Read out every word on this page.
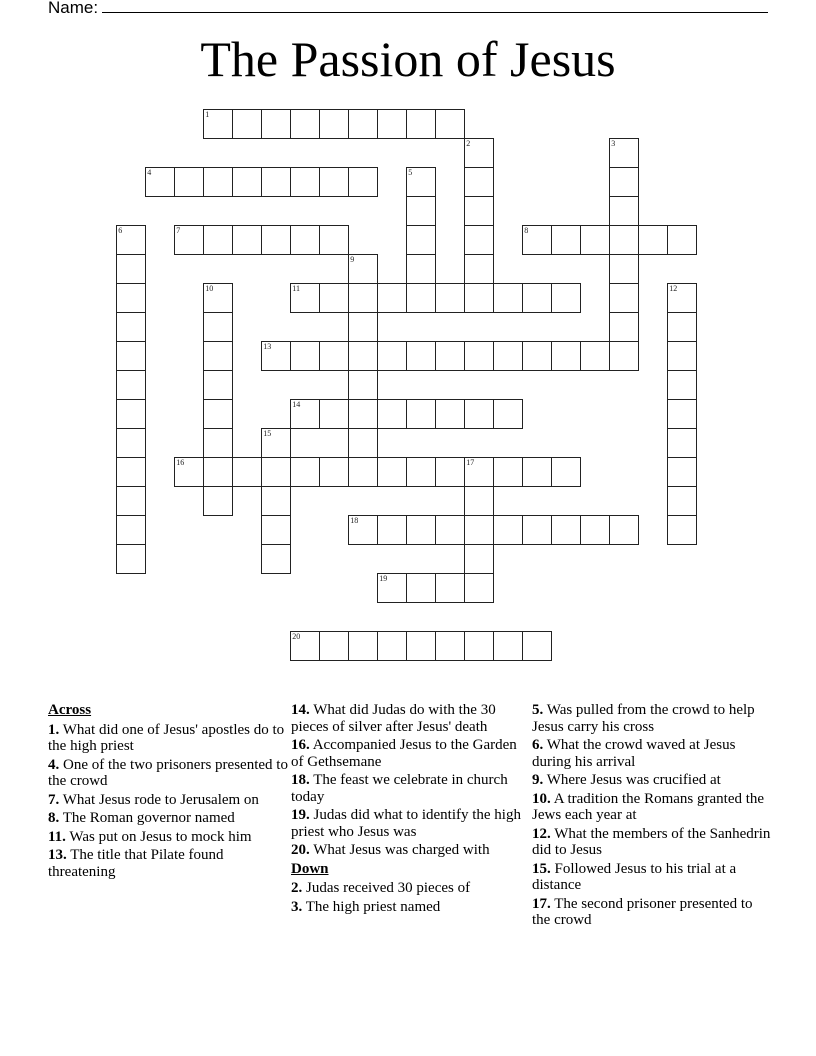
Name:
The Passion of Jesus
1
2	3
4	5
6	7	8
9
10	11	12
13
14
15
16	17
18
19
20
Across
1. What did one of Jesus' apostles do to the high priest
4. One of the two prisoners presented to the crowd
7. What Jesus rode to Jerusalem on
8. The Roman governor named
11. Was put on Jesus to mock him
13. The title that Pilate found threatening
14. What did Judas do with the 30 pieces of silver after Jesus' death
16. Accompanied Jesus to the Garden of Gethsemane
18. The feast we celebrate in church today
19. Judas did what to identify the high priest who Jesus was
20. What Jesus was charged with
Down
2. Judas received 30 pieces of
3. The high priest named
5. Was pulled from the crowd to help Jesus carry his cross
6. What the crowd waved at Jesus during his arrival
9. Where Jesus was crucified at
10. A tradition the Romans granted the Jews each year at
12. What the members of the Sanhedrin did to Jesus
15. Followed Jesus to his trial at a distance
17. The second prisoner presented to the crowd
